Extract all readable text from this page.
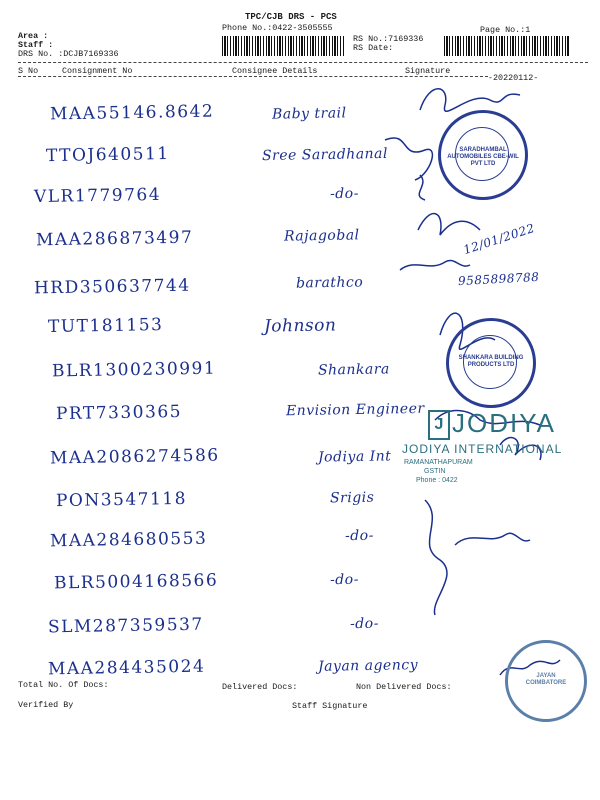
TPC/CJB DRS - PCS
Phone No.:0422-3505555	Page No.:1
Area :
Staff :
DRS No. :DCJB7169336
RS No.:7169336
RS Date:
S No	Consignment No	Consignee Details	Signature
-20220112-
MAA55146.8642	Baby trail
TTOJ640511	Sree Saradhanal
VLR1779764	-do-
MAA286873497	Rajagobal
HRD350637744	barathco
TUT181153	Johnson
BLR1300230991	Shankara
PRT7330365	Envision Engineer
MAA2086274586	Jodiya Int
PON3547118	Srigis
MAA284680553	-do-
BLR5004168566	-do-
SLM287359537	-do-
MAA284435024	Jayan agency
12/01/2022
9585898788
SARADHAMBAL AUTOMOBILES CBE-WIL PVT LTD
SHANKARA BUILDING PRODUCTS LTD
JAYAN COIMBATORE
J JODIYA
JODIYA INTERNATIONAL
RAMANATHAPURAM
GSTIN
Phone : 0422
Total No. Of Docs:	Delivered Docs:	Non Delivered Docs:
Verified By	Staff Signature
